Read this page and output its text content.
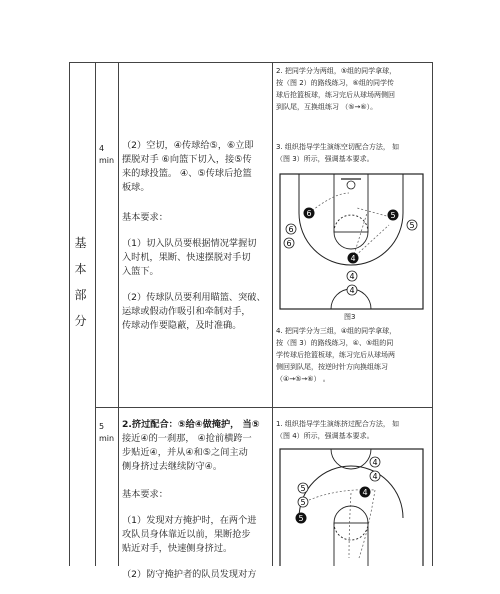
基
本
部
分
4
min

（2）空切，④传球给⑤，⑥立即
摆脱对手 ⑥向篮下切入，接⑤传
来的球投篮。 ④、⑤传球后抢篮
板球。

基本要求：

（1）切入队员要根据情况掌握切
入时机，果断、快速摆脱对手切
入篮下。

（2）传球队员要利用瞄篮、突破、
运球或假动作吸引和牵制对手，
传球动作要隐蔽，及时准确。

2. 把同学分为两组，⑤组的同学拿球，

按（图 2）的路线练习，⑥组的同学传

球后抢篮板球，练习完后从球场两侧回

到队尾，互换组练习 （⑤→⑥）。

3. 组织指导学生演练空切配合方法， 如

（图 3）所示，强调基本要求。

6
6
6
5
5
4
4
4
图3

4. 把同学分为三组，④组的同学拿球，

按（图 3）的路线练习，④、⑤组的同

学传球后抢篮板球，练习完后从球场两

侧回到队尾，按逆时针方向换组练习

（④→⑤→⑥） 。

5
min

2.挤过配合：⑤给④做掩护， 当⑤
接近④的一刹那， ④抢前横跨一
步贴近④，并从④和⑤之间主动
侧身挤过去继续防守④。

基本要求：

（1）发现对方掩护时，在两个进
攻队员身体靠近以前，果断抢步
贴近对手，快速侧身挤过。

（2）防守掩护者的队员发现对方

1. 组织指导学生演练挤过配合方法， 如

（图 4）所示，强调基本要求。

4
4
5
5
4
5
